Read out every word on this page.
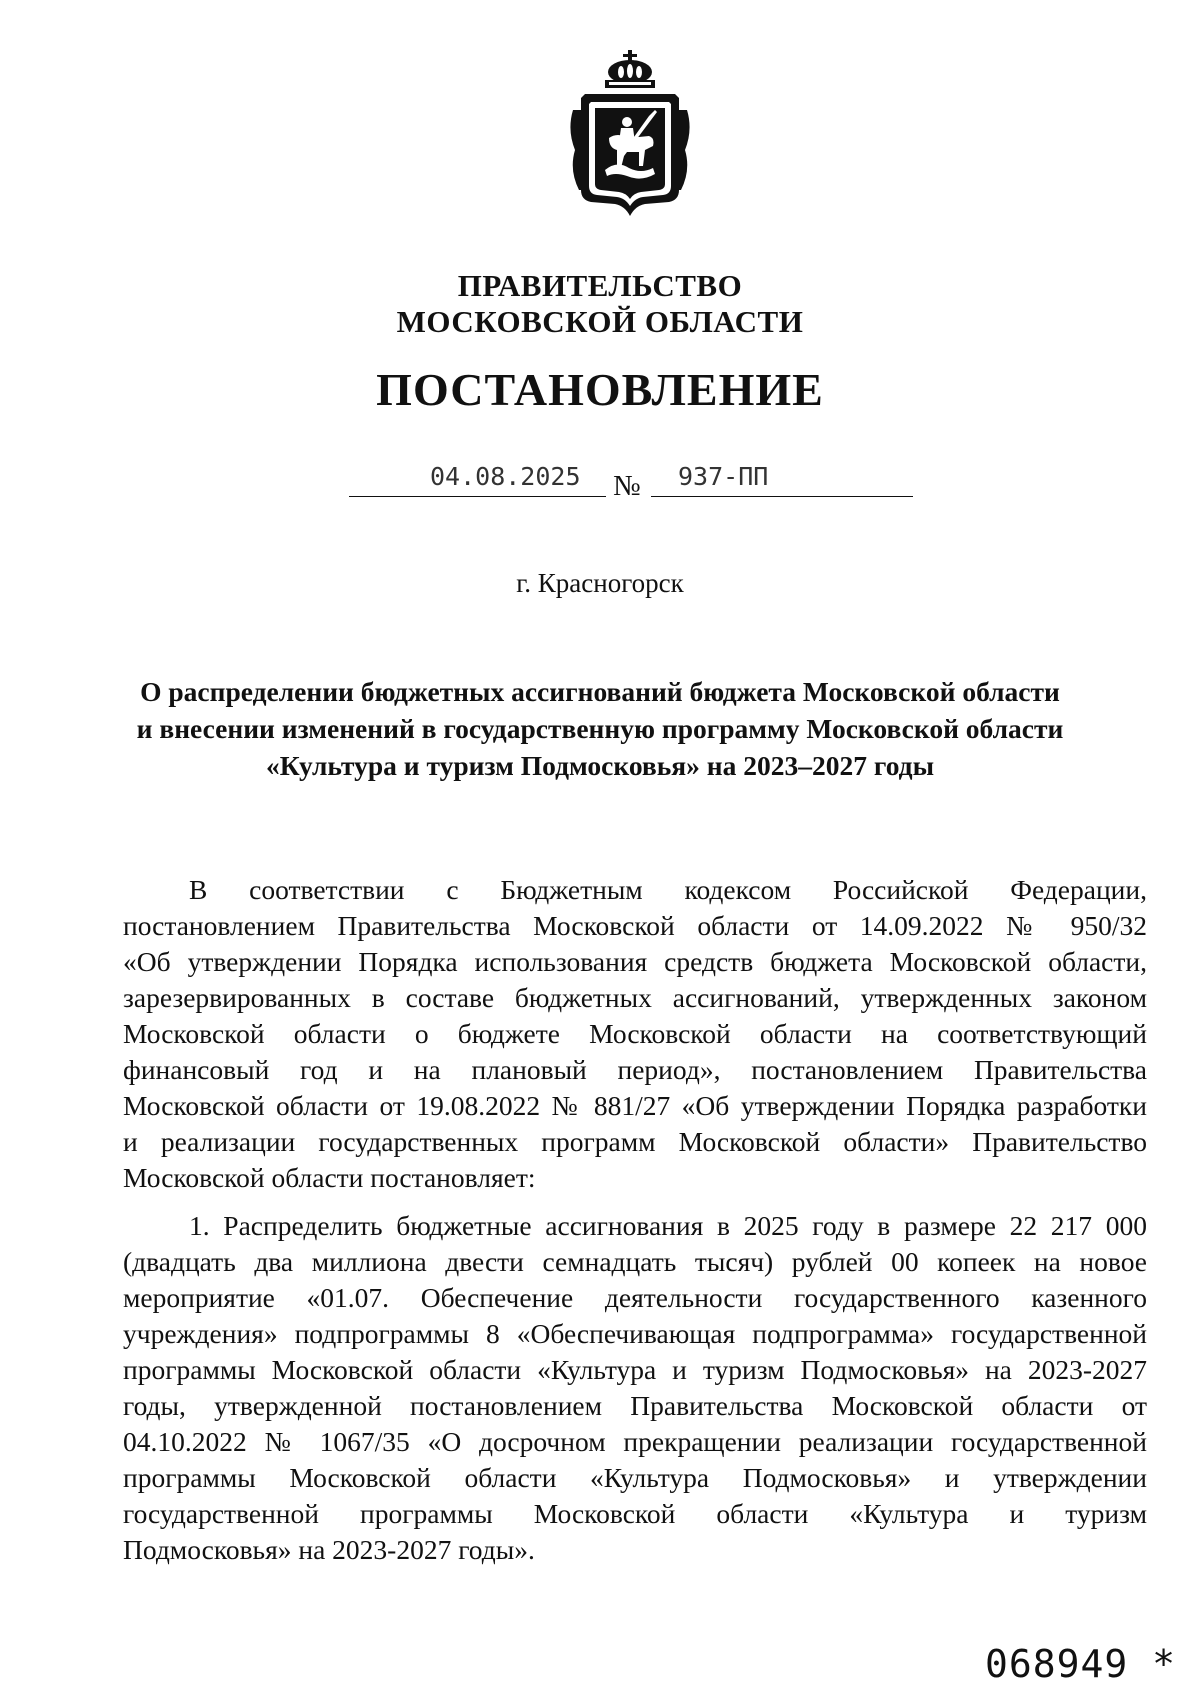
ПРАВИТЕЛЬСТВО
МОСКОВСКОЙ ОБЛАСТИ
ПОСТАНОВЛЕНИЕ
04.08.2025 № 937-ПП
г. Красногорск
О распределении бюджетных ассигнований бюджета Московской области
и внесении изменений в государственную программу Московской области
«Культура и туризм Подмосковья» на 2023–2027 годы
В соответствии с Бюджетным кодексом Российской Федерации,
постановлением Правительства Московской области от 14.09.2022 № 950/32
«Об утверждении Порядка использования средств бюджета Московской области,
зарезервированных в составе бюджетных ассигнований, утвержденных законом
Московской области о бюджете Московской области на соответствующий
финансовый год и на плановый период», постановлением Правительства
Московской области от 19.08.2022 № 881/27 «Об утверждении Порядка разработки
и реализации государственных программ Московской области» Правительство
Московской области постановляет:
1. Распределить бюджетные ассигнования в 2025 году в размере 22 217 000
(двадцать два миллиона двести семнадцать тысяч) рублей 00 копеек на новое
мероприятие «01.07. Обеспечение деятельности государственного казенного
учреждения» подпрограммы 8 «Обеспечивающая подпрограмма» государственной
программы Московской области «Культура и туризм Подмосковья» на 2023-2027
годы, утвержденной постановлением Правительства Московской области от
04.10.2022 № 1067/35 «О досрочном прекращении реализации государственной
программы Московской области «Культура Подмосковья» и утверждении
государственной программы Московской области «Культура и туризм
Подмосковья» на 2023-2027 годы».
068949 *
